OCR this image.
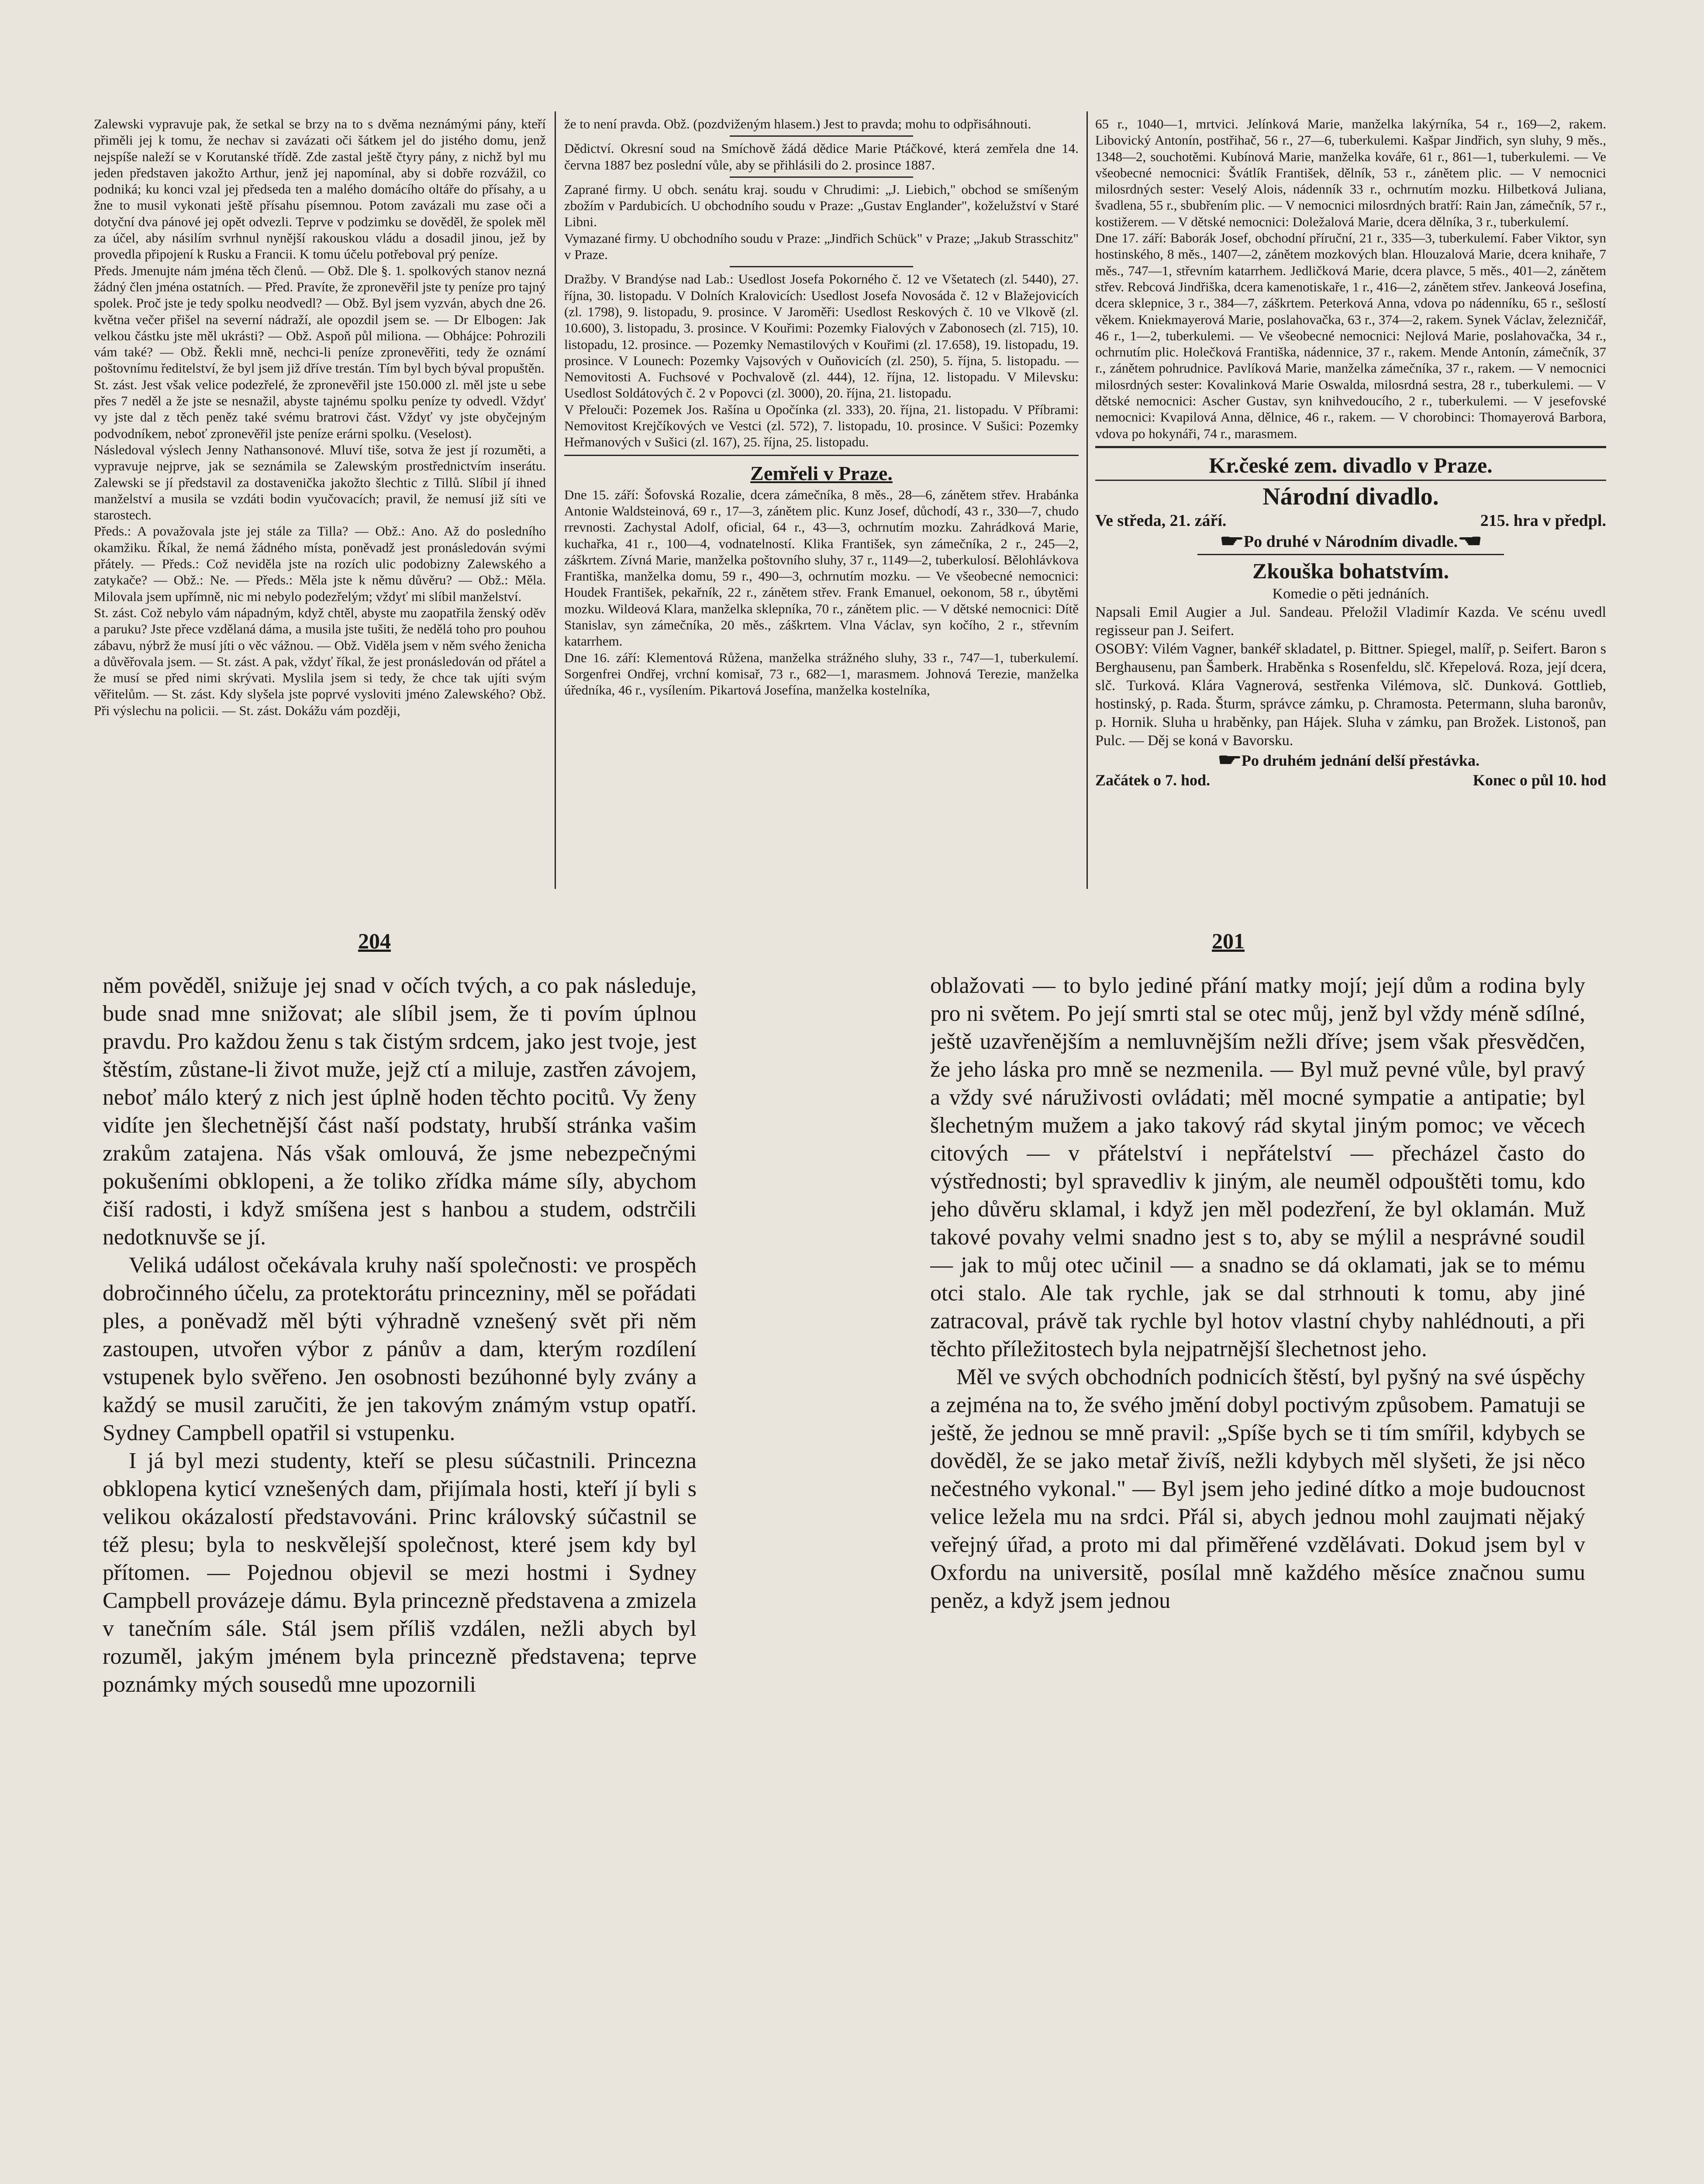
Zalewski vypravuje pak, že setkal se brzy na to s dvěma neznámými pány, kteří přiměli jej k tomu, že nechav si zavázati oči šátkem jel do jistého domu, jenž nejspíše naleží se v Korutanské třídě. Zde zastal ještě čtyry pány, z nichž byl mu jeden představen jakožto Arthur, jenž jej napomínal, aby si dobře rozvážil, co podniká; ku konci vzal jej předseda ten a malého domácího oltáře do přísahy, a u žne to musil vykonati ještě přísahu písemnou. Potom zavázali mu zase oči a dotyční dva pánové jej opět odvezli. Teprve v podzimku se dověděl, že spolek měl za účel, aby násilím svrhnul nynější rakouskou vládu a dosadil jinou, jež by provedla připojení k Rusku a Francii. K tomu účelu potřeboval prý peníze.

Předs. Jmenujte nám jména těch členů. — Obž. Dle §. 1. spolkových stanov nezná žádný člen jména ostatních. — Před. Pravíte, že zpronevěřil jste ty peníze pro tajný spolek. Proč jste je tedy spolku neodvedl? — Obž. Byl jsem vyzván, abych dne 26. května večer přišel na severní nádraží, ale opozdil jsem se. — Dr Elbogen: Jak velkou částku jste měl ukrásti? — Obž. Aspoň půl miliona. — Obhájce: Pohrozili vám také? — Obž. Řekli mně, nechci-li peníze zpronevěřiti, tedy že oznámí poštovnímu ředitelství, že byl jsem již dříve trestán. Tím byl bych býval propuštěn.

St. zást. Jest však velice podezřelé, že zpronevěřil jste 150.000 zl. měl jste u sebe přes 7 neděl a že jste se nesnažil, abyste tajnému spolku peníze ty odvedl. Vždyť vy jste dal z těch peněz také svému bratrovi část. Vždyť vy jste obyčejným podvodníkem, neboť zpronevěřil jste peníze erárni spolku. (Veselost).

Následoval výslech Jenny Nathansonové. Mluví tiše, sotva že jest jí rozuměti, a vypravuje nejprve, jak se seznámila se Zalewským prostřednictvím inserátu. Zalewski se jí představil za dostavenička jakožto šlechtic z Tillů. Slíbil jí ihned manželství a musila se vzdáti bodin vyučovacích; pravil, že nemusí již síti ve starostech.

Předs.: A považovala jste jej stále za Tilla? — Obž.: Ano. Až do posledního okamžiku. Říkal, že nemá žádného místa, poněvadž jest pronásledován svými přátely. — Předs.: Což neviděla jste na rozích ulic podobizny Zalewského a zatykače? — Obž.: Ne. — Předs.: Měla jste k němu důvěru? — Obž.: Měla. Milovala jsem upřímně, nic mi nebylo podezřelým; vždyť mi slíbil manželství.

St. zást. Což nebylo vám nápadným, když chtěl, abyste mu zaopatřila ženský oděv a paruku? Jste přece vzdělaná dáma, a musila jste tušiti, že nedělá toho pro pouhou zábavu, nýbrž že musí jíti o věc vážnou. — Obž. Viděla jsem v něm svého ženicha a důvěřovala jsem. — St. zást. A pak, vždyť říkal, že jest pronásledován od přátel a že musí se před nimi skrývati. Myslila jsem si tedy, že chce tak ujíti svým věřitelům. — St. zást. Kdy slyšela jste poprvé vysloviti jméno Zalewského? Obž. Při výslechu na policii. — St. zást. Dokážu vám později,

že to není pravda. Obž. (pozdviženým hlasem.) Jest to pravda; mohu to odpřisáhnouti.

Dědictví. Okresní soud na Smíchově žádá dědice Marie Ptáčkové, která zemřela dne 14. června 1887 bez poslední vůle, aby se přihlásili do 2. prosince 1887.

Zaprané firmy. U obch. senátu kraj. soudu v Chrudimi: „J. Liebich," obchod se smíšeným zbožím v Pardubicích. U obchodního soudu v Praze: „Gustav Englander", koželužství v Staré Libni.

Vymazané firmy. U obchodního soudu v Praze: „Jindřich Schück" v Praze; „Jakub Strasschitz" v Praze.

Dražby. V Brandýse nad Lab.: Usedlost Josefa Pokorného č. 12 ve Všetatech (zl. 5440), 27. října, 30. listopadu. V Dolních Kralovicích: Usedlost Josefa Novosáda č. 12 v Blažejovicích (zl. 1798), 9. listopadu, 9. prosince. V Jaroměři: Usedlost Reskových č. 10 ve Vlkově (zl. 10.600), 3. listopadu, 3. prosince. V Kouřimi: Pozemky Fialových v Zabonosech (zl. 715), 10. listopadu, 12. prosince. — Pozemky Nemastilových v Kouřimi (zl. 17.658), 19. listopadu, 19. prosince. V Lounech: Pozemky Vajsových v Ouňovicích (zl. 250), 5. října, 5. listopadu. — Nemovitosti A. Fuchsové v Pochvalově (zl. 444), 12. října, 12. listopadu. V Milevsku: Usedlost Soldátových č. 2 v Popovci (zl. 3000), 20. října, 21. listopadu.

V Přelouči: Pozemek Jos. Rašína u Opočínka (zl. 333), 20. října, 21. listopadu. V Příbrami: Nemovitost Krejčíkových ve Vestci (zl. 572), 7. listopadu, 10. prosince. V Sušici: Pozemky Heřmanových v Sušici (zl. 167), 25. října, 25. listopadu.

Zemřeli v Praze.

Dne 15. září: Šofovská Rozalie, dcera zámečníka, 8 měs., 28—6, zánětem střev. Hrabánka Antonie Waldsteinová, 69 r., 17—3, zánětem plic. Kunz Josef, důchodí, 43 r., 330—7, chudo rrevnosti. Zachystal Adolf, oficial, 64 r., 43—3, ochrnutím mozku. Zahrádková Marie, kuchařka, 41 r., 100—4, vodnatelností. Klika František, syn zámečníka, 2 r., 245—2, záškrtem. Zívná Marie, manželka poštovního sluhy, 37 r., 1149—2, tuberkulosí. Bělohlávkova Františka, manželka domu, 59 r., 490—3, ochrnutím mozku. — Ve všeobecné nemocnici: Houdek František, pekařník, 22 r., zánětem střev. Frank Emanuel, oekonom, 58 r., úbytěmi mozku. Wildeová Klara, manželka sklepníka, 70 r., zánětem plic. — V dětské nemocnici: Dítě Stanislav, syn zámečníka, 20 měs., záškrtem. Vlna Václav, syn kočího, 2 r., střevním katarrhem.

Dne 16. září: Klementová Růžena, manželka strážného sluhy, 33 r., 747—1, tuberkulemí. Sorgenfrei Ondřej, vrchní komisař, 73 r., 682—1, marasmem. Johnová Terezie, manželka úředníka, 46 r., vysílením. Pikartová Josefína, manželka kostelníka,

65 r., 1040—1, mrtvici. Jelínková Marie, manželka lakýrníka, 54 r., 169—2, rakem. Libovický Antonín, postřihač, 56 r., 27—6, tuberkulemi. Kašpar Jindřich, syn sluhy, 9 měs., 1348—2, souchotěmi. Kubínová Marie, manželka kováře, 61 r., 861—1, tuberkulemi. — Ve všeobecné nemocnici: Švátlík František, dělník, 53 r., zánětem plic. — V nemocnici milosrdných sester: Veselý Alois, nádenník 33 r., ochrnutím mozku. Hilbetková Juliana, švadlena, 55 r., sbubřením plic. — V nemocnici milosrdných bratří: Rain Jan, zámečník, 57 r., kostižerem. — V dětské nemocnici: Doležalová Marie, dcera dělníka, 3 r., tuberkulemí.

Dne 17. září: Baborák Josef, obchodní příruční, 21 r., 335—3, tuberkulemí. Faber Viktor, syn hostinského, 8 měs., 1407—2, zánětem mozkových blan. Hlouzalová Marie, dcera knihaře, 7 měs., 747—1, střevním katarrhem. Jedličková Marie, dcera plavce, 5 měs., 401—2, zánětem střev. Rebcová Jindřiška, dcera kamenotiskaře, 1 r., 416—2, zánětem střev. Jankeová Josefina, dcera sklepnice, 3 r., 384—7, záškrtem. Peterková Anna, vdova po nádenníku, 65 r., sešlostí věkem. Kniekmayerová Marie, poslahovačka, 63 r., 374—2, rakem. Synek Václav, železničář, 46 r., 1—2, tuberkulemi. — Ve všeobecné nemocnici: Nejlová Marie, poslahovačka, 34 r., ochrnutím plic. Holečková Františka, nádennice, 37 r., rakem. Mende Antonín, zámečník, 37 r., zánětem pohrudnice. Pavlíková Marie, manželka zámečníka, 37 r., rakem. — V nemocnici milosrdných sester: Kovalinková Marie Oswalda, milosrdná sestra, 28 r., tuberkulemi. — V dětské nemocnici: Ascher Gustav, syn knihvedoucího, 2 r., tuberkulemi. — V jesefovské nemocnici: Kvapilová Anna, dělnice, 46 r., rakem. — V chorobinci: Thomayerová Barbora, vdova po hokynáři, 74 r., marasmem.

Kr.české zem. divadlo v Praze.
Národní divadlo.
Ve středa, 21. září.	215. hra v předpl.
☛ Po druhé v Národním divadle. ☚
Zkouška bohatstvím.
Komedie o pěti jednáních.

Napsali Emil Augier a Jul. Sandeau. Přeložil Vladimír Kazda. Ve scénu uvedl regisseur pan J. Seifert.

OSOBY: Vilém Vagner, bankéř skladatel, p. Bittner. Spiegel, malíř, p. Seifert. Baron s Berghausenu, pan Šamberk. Hraběnka s Rosenfeldu, slč. Křepelová. Roza, její dcera, slč. Turková. Klára Vagnerová, sestřenka Vilémova, slč. Dunková. Gottlieb, hostinský, p. Rada. Šturm, správce zámku, p. Chramosta. Petermann, sluha baronův, p. Hornik. Sluha u hraběnky, pan Hájek. Sluha v zámku, pan Brožek. Listonoš, pan Pulc. — Děj se koná v Bavorsku.

☛ Po druhém jednání delší přestávka.
Začátek o 7. hod.	Konec o půl 10. hod
204	201

něm pověděl, snižuje jej snad v očích tvých, a co pak následuje, bude snad mne snižovat; ale slíbil jsem, že ti povím úplnou pravdu. Pro každou ženu s tak čistým srdcem, jako jest tvoje, jest štěstím, zůstane-li život muže, jejž ctí a miluje, zastřen závojem, neboť málo který z nich jest úplně hoden těchto pocitů. Vy ženy vidíte jen šlechetnější část naší podstaty, hrubší stránka vašim zrakům zatajena. Nás však omlouvá, že jsme nebezpečnými pokušeními obklopeni, a že toliko zřídka máme síly, abychom čiší radosti, i když smíšena jest s hanbou a studem, odstrčili nedotknuvše se jí.

Veliká událost očekávala kruhy naší společnosti: ve prospěch dobročinného účelu, za protektorátu princezniny, měl se pořádati ples, a poněvadž měl býti výhradně vznešený svět při něm zastoupen, utvořen výbor z pánův a dam, kterým rozdílení vstupenek bylo svěřeno. Jen osobnosti bezúhonné byly zvány a každý se musil zaručiti, že jen takovým známým vstup opatří. Sydney Campbell opatřil si vstupenku.

I já byl mezi studenty, kteří se plesu súčastnili. Princezna obklopena kyticí vznešených dam, přijímala hosti, kteří jí byli s velikou okázalostí představováni. Princ královský súčastnil se též plesu; byla to neskvělejší společnost, které jsem kdy byl přítomen. — Pojednou objevil se mezi hostmi i Sydney Campbell provázeje dámu. Byla princezně představena a zmizela v tanečním sále. Stál jsem příliš vzdálen, nežli abych byl rozuměl, jakým jménem byla princezně představena; teprve poznámky mých sousedů mne upozornili

oblažovati — to bylo jediné přání matky mojí; její dům a rodina byly pro ni světem. Po její smrti stal se otec můj, jenž byl vždy méně sdílné, ještě uzavřenějším a nemluvnějším nežli dříve; jsem však přesvědčen, že jeho láska pro mně se nezmenila. — Byl muž pevné vůle, byl pravý a vždy své náruživosti ovládati; měl mocné sympatie a antipatie; byl šlechetným mužem a jako takový rád skytal jiným pomoc; ve věcech citových — v přátelství i nepřátelství — přecházel často do výstřednosti; byl spravedliv k jiným, ale neuměl odpouštěti tomu, kdo jeho důvěru sklamal, i když jen měl podezření, že byl oklamán. Muž takové povahy velmi snadno jest s to, aby se mýlil a nesprávné soudil — jak to můj otec učinil — a snadno se dá oklamati, jak se to mému otci stalo. Ale tak rychle, jak se dal strhnouti k tomu, aby jiné zatracoval, právě tak rychle byl hotov vlastní chyby nahlédnouti, a při těchto příležitostech byla nejpatrnější šlechetnost jeho.

Měl ve svých obchodních podnicích štěstí, byl pyšný na své úspěchy a zejména na to, že svého jmění dobyl poctivým způsobem. Pamatuji se ještě, že jednou se mně pravil: „Spíše bych se ti tím smířil, kdybych se dověděl, že se jako metař živíš, nežli kdybych měl slyšeti, že jsi něco nečestného vykonal." — Byl jsem jeho jediné dítko a moje budoucnost velice ležela mu na srdci. Přál si, abych jednou mohl zaujmati nějaký veřejný úřad, a proto mi dal přiměřené vzdělávati. Dokud jsem byl v Oxfordu na universitě, posílal mně každého měsíce značnou sumu peněz, a když jsem jednou
